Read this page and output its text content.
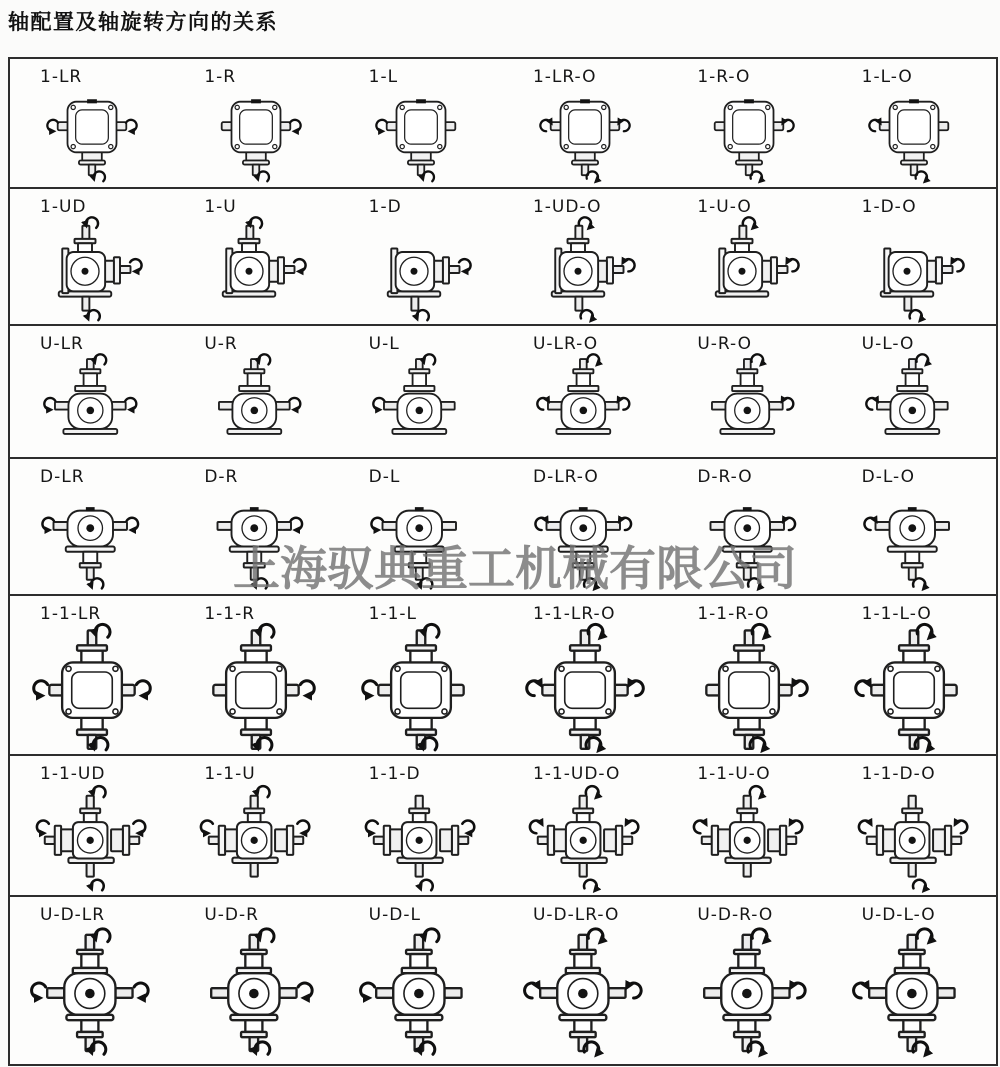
轴配置及轴旋转方向的关系
1-LR	1-R	1-L	1-LR-O	1-R-O	1-L-O
1-UD	1-U	1-D	1-UD-O	1-U-O	1-D-O
U-LR	U-R	U-L	U-LR-O	U-R-O	U-L-O
D-LR	D-R	D-L	D-LR-O	D-R-O	D-L-O
1-1-LR	1-1-R	1-1-L	1-1-LR-O	1-1-R-O	1-1-L-O
1-1-UD	1-1-U	1-1-D	1-1-UD-O	1-1-U-O	1-1-D-O
U-D-LR	U-D-R	U-D-L	U-D-LR-O	U-D-R-O	U-D-L-O
上海驭典重工机械有限公司
